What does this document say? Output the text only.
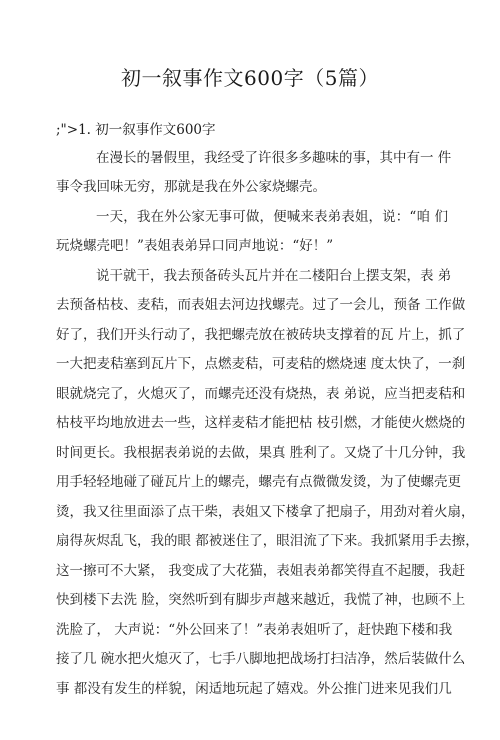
初一叙事作文600字（5篇）
;">1. 初一叙事作文600字
在漫长的暑假里，我经受了许很多多趣味的事，其中有一 件
事令我回味无穷，那就是我在外公家烧螺壳。
一天，我在外公家无事可做，便喊来表弟表姐，说：“咱 们
玩烧螺壳吧！”表姐表弟异口同声地说：“好！”
说干就干，我去预备砖头瓦片并在二楼阳台上摆支架，表 弟
去预备枯枝、麦秸，而表姐去河边找螺壳。过了一会儿，预备 工作做
好了，我们开头行动了，我把螺壳放在被砖块支撑着的瓦 片上，抓了
一大把麦秸塞到瓦片下，点燃麦秸，可麦秸的燃烧速 度太快了，一刹
眼就烧完了，火熄灭了，而螺壳还没有烧热，表 弟说，应当把麦秸和
枯枝平均地放进去一些，这样麦秸才能把枯 枝引燃，才能使火燃烧的
时间更长。我根据表弟说的去做，果真 胜利了。又烧了十几分钟，我
用手轻轻地碰了碰瓦片上的螺壳，螺壳有点微微发烫，为了使螺壳更
烫，我又往里面添了点干柴，表姐又下楼拿了把扇子，用劲对着火扇，
扇得灰烬乱飞，我的眼 都被迷住了，眼泪流了下来。我抓紧用手去擦，
这一擦可不大紧， 我变成了大花猫，表姐表弟都笑得直不起腰，我赶
快到楼下去洗 脸，突然听到有脚步声越来越近，我慌了神，也顾不上
洗脸了， 大声说：“外公回来了！”表弟表姐听了，赶快跑下楼和我
接了几 碗水把火熄灭了，七手八脚地把战场打扫洁净，然后装做什么
事 都没有发生的样貌，闲适地玩起了嬉戏。外公推门进来见我们几
